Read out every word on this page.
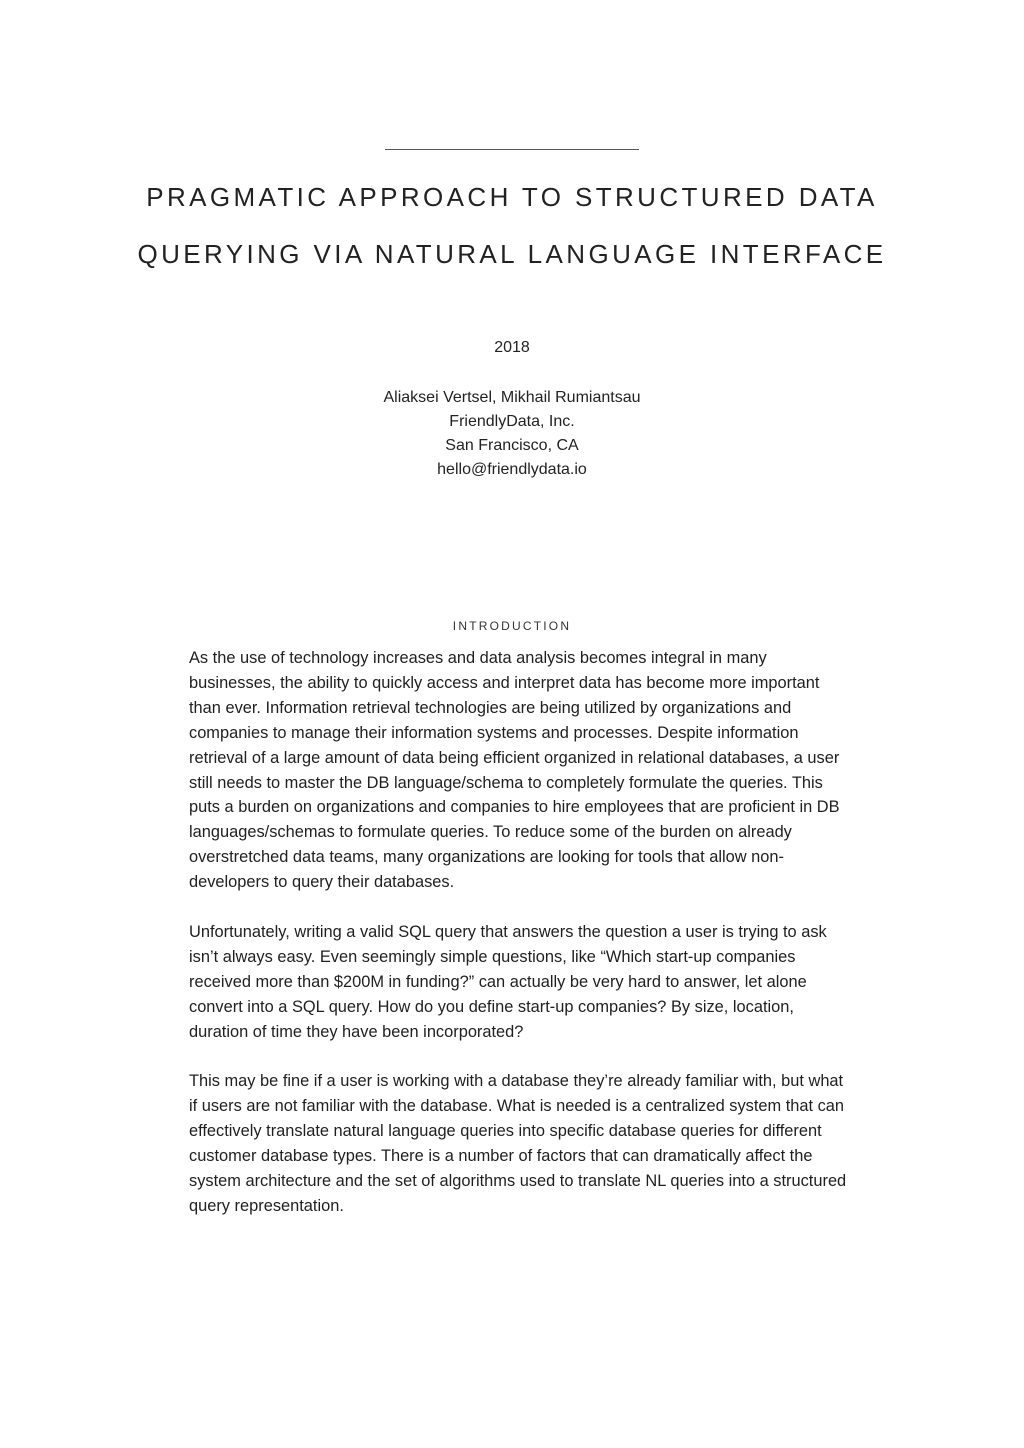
PRAGMATIC APPROACH TO STRUCTURED DATA
QUERYING VIA NATURAL LANGUAGE INTERFACE
2018
Aliaksei Vertsel, Mikhail Rumiantsau
FriendlyData, Inc.
San Francisco, CA
hello@friendlydata.io
INTRODUCTION

As the use of technology increases and data analysis becomes integral in many businesses, the ability to quickly access and interpret data has become more important than ever. Information retrieval technologies are being utilized by organizations and companies to manage their information systems and processes. Despite information retrieval of a large amount of data being efficient organized in relational databases, a user still needs to master the DB language/schema to completely formulate the queries. This puts a burden on organizations and companies to hire employees that are proficient in DB languages/schemas to formulate queries. To reduce some of the burden on already overstretched data teams, many organizations are looking for tools that allow non-developers to query their databases.

Unfortunately, writing a valid SQL query that answers the question a user is trying to ask isn’t always easy. Even seemingly simple questions, like “Which start-up companies received more than $200M in funding?” can actually be very hard to answer, let alone convert into a SQL query. How do you define start-up companies? By size, location, duration of time they have been incorporated?

This may be fine if a user is working with a database they’re already familiar with, but what if users are not familiar with the database. What is needed is a centralized system that can effectively translate natural language queries into specific database queries for different customer database types. There is a number of factors that can dramatically affect the system architecture and the set of algorithms used to translate NL queries into a structured query representation.
